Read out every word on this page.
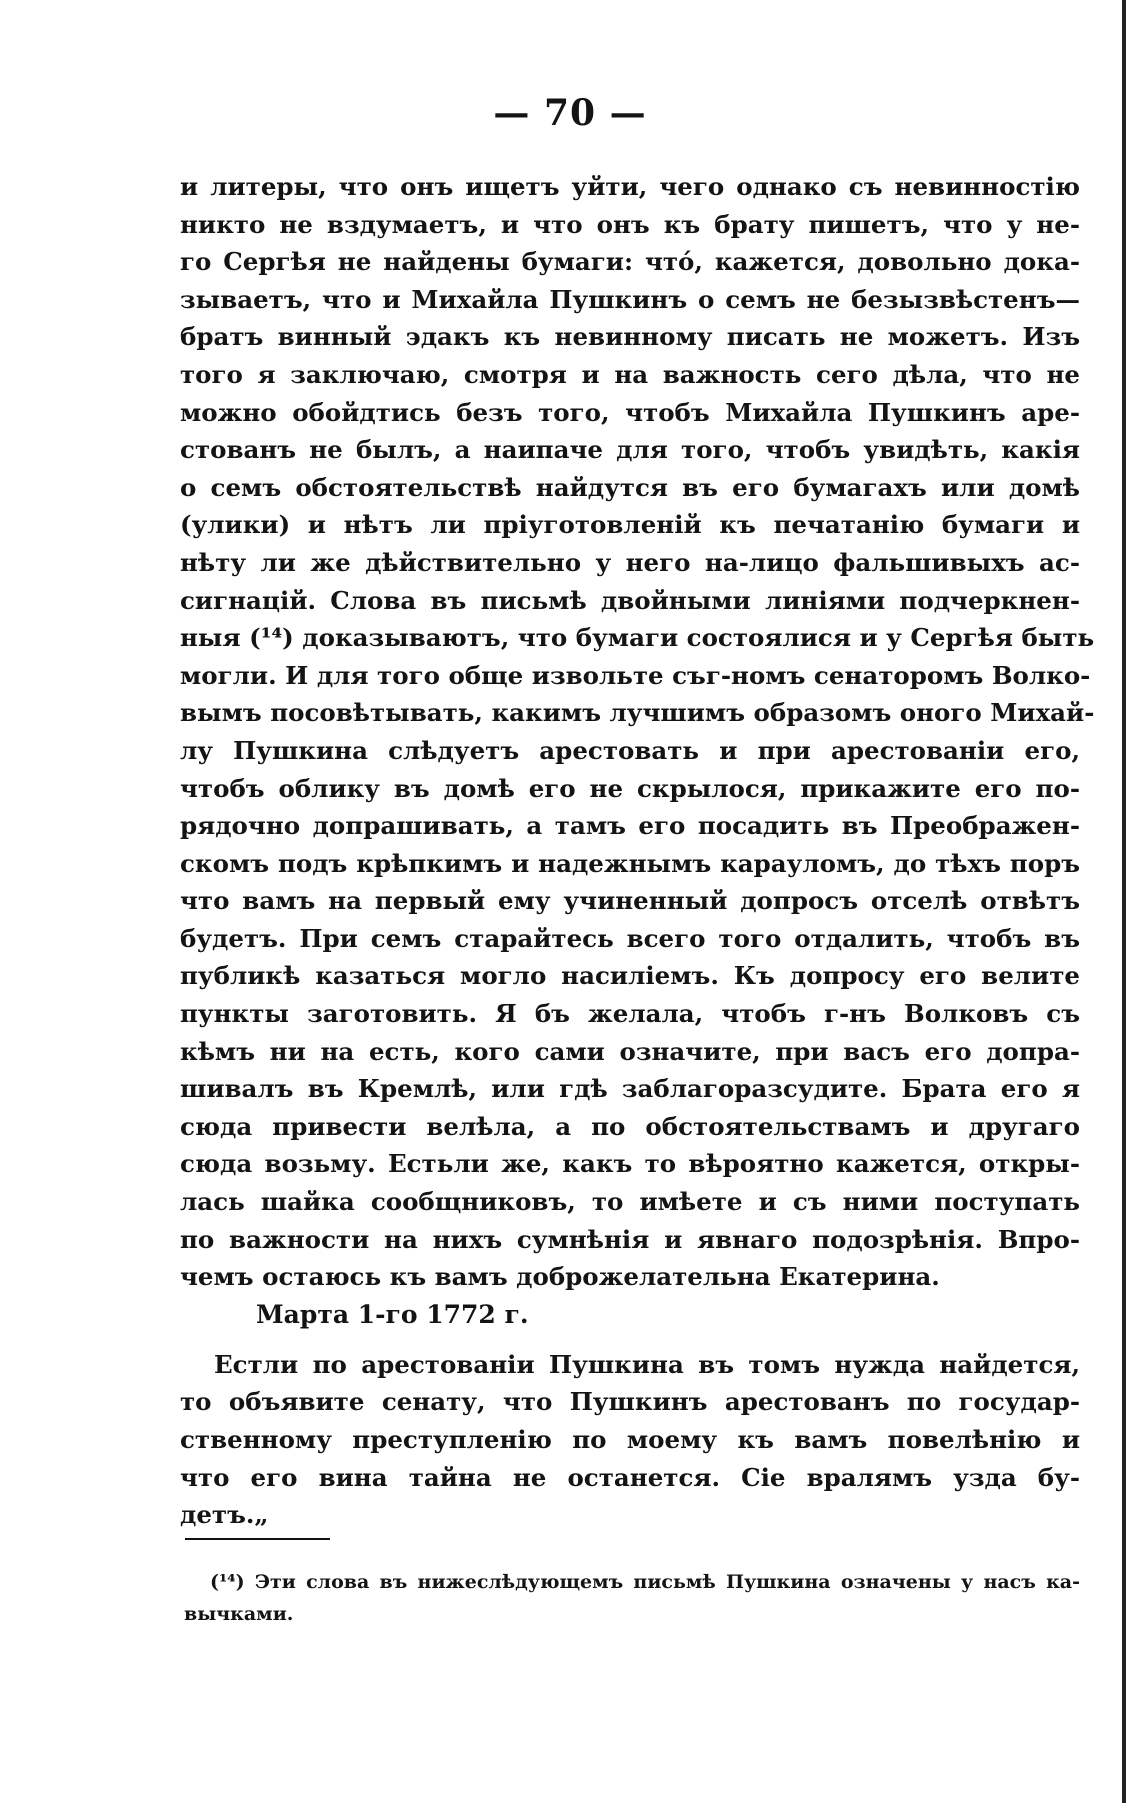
— 70 —
и литеры, что онъ ищетъ уйти, чего однако съ невинностію
никто не вздумаетъ, и что онъ къ брату пишетъ, что у не-
го Сергѣя не найдены бумаги: что́, кажется, довольно дока-
зываетъ, что и Михайла Пушкинъ о семъ не безызвѣстенъ—
братъ винный эдакъ къ невинному писать не можетъ. Изъ
того я заключаю, смотря и на важность сего дѣла, что не
можно обойдтись безъ того, чтобъ Михайла Пушкинъ аре-
стованъ не былъ, а наипаче для того, чтобъ увидѣть, какія
о семъ обстоятельствѣ найдутся въ его бумагахъ или домѣ
(улики) и нѣтъ ли пріуготовленій къ печатанію бумаги и
нѣту ли же дѣйствительно у него на-лицо фальшивыхъ ас-
сигнацій. Слова въ письмѣ двойными линіями подчеркнен-
ныя (¹⁴) доказываютъ, что бумаги состоялися и у Сергѣя быть
могли. И для того обще извольте съг-номъ сенаторомъ Волко-
вымъ посовѣтывать, какимъ лучшимъ образомъ оного Михай-
лу Пушкина слѣдуетъ арестовать и при арестованіи его,
чтобъ облику въ домѣ его не скрылося, прикажите его по-
рядочно допрашивать, а тамъ его посадить въ Преображен-
скомъ подъ крѣпкимъ и надежнымъ карауломъ, до тѣхъ поръ
что вамъ на первый ему учиненный допросъ отселѣ отвѣтъ
будетъ. При семъ старайтесь всего того отдалить, чтобъ въ
публикѣ казаться могло насиліемъ. Къ допросу его велите
пункты заготовить. Я бъ желала, чтобъ г-нъ Волковъ съ
кѣмъ ни на есть, кого сами означите, при васъ его допра-
шивалъ въ Кремлѣ, или гдѣ заблагоразсудите. Брата его я
сюда привести велѣла, а по обстоятельствамъ и другаго
сюда возьму. Естьли же, какъ то вѣроятно кажется, откры-
лась шайка сообщниковъ, то имѣете и съ ними поступать
по важности на нихъ сумнѣнія и явнаго подозрѣнія. Впро-
чемъ остаюсь къ вамъ доброжелательна Екатерина.
Марта 1-го 1772 г.
Естли по арестованіи Пушкина въ томъ нужда найдется,
то объявите сенату, что Пушкинъ арестованъ по государ-
ственному преступленію по моему къ вамъ повелѣнію и
что его вина тайна не останется. Сіе вралямъ узда бу-
детъ.„
(¹⁴) Эти слова въ нижеслѣдующемъ письмѣ Пушкина означены у насъ ка-
вычками.
